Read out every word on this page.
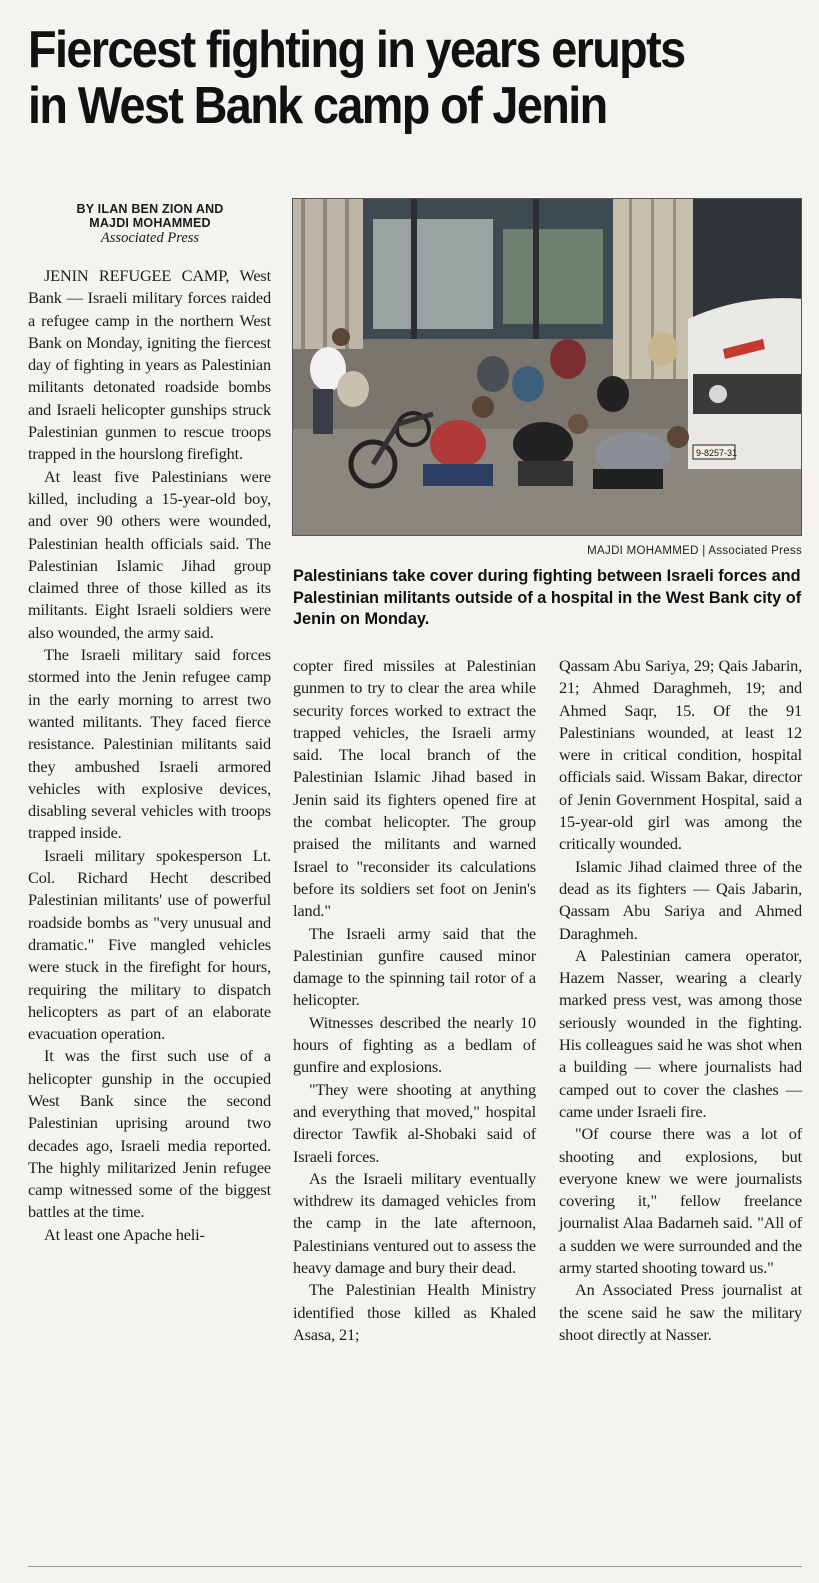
Fiercest fighting in years erupts
in West Bank camp of Jenin
BY ILAN BEN ZION AND
MAJDI MOHAMMED
Associated Press

JENIN REFUGEE CAMP, West Bank — Israeli military forces raided a refugee camp in the northern West Bank on Monday, igniting the fiercest day of fighting in years as Palestinian militants detonated roadside bombs and Israeli helicopter gunships struck Palestinian gunmen to rescue troops trapped in the hourslong firefight.

At least five Palestinians were killed, including a 15-year-old boy, and over 90 others were wounded, Palestinian health officials said. The Palestinian Islamic Jihad group claimed three of those killed as its militants. Eight Israeli soldiers were also wounded, the army said.

The Israeli military said forces stormed into the Jenin refugee camp in the early morning to arrest two wanted militants. They faced fierce resistance. Palestinian militants said they ambushed Israeli armored vehicles with explosive devices, disabling several vehicles with troops trapped inside.

Israeli military spokesperson Lt. Col. Richard Hecht described Palestinian militants' use of powerful roadside bombs as "very unusual and dramatic." Five mangled vehicles were stuck in the firefight for hours, requiring the military to dispatch helicopters as part of an elaborate evacuation operation.

It was the first such use of a helicopter gunship in the occupied West Bank since the second Palestinian uprising around two decades ago, Israeli media reported. The highly militarized Jenin refugee camp witnessed some of the biggest battles at the time.

At least one Apache heli-

9-8257-31
MAJDI MOHAMMED | Associated Press
Palestinians take cover during fighting between Israeli forces and Palestinian militants outside of a hospital in the West Bank city of Jenin on Monday.

copter fired missiles at Palestinian gunmen to try to clear the area while security forces worked to extract the trapped vehicles, the Israeli army said. The local branch of the Palestinian Islamic Jihad based in Jenin said its fighters opened fire at the combat helicopter. The group praised the militants and warned Israel to "reconsider its calculations before its soldiers set foot on Jenin's land."

The Israeli army said that the Palestinian gunfire caused minor damage to the spinning tail rotor of a helicopter.

Witnesses described the nearly 10 hours of fighting as a bedlam of gunfire and explosions.

"They were shooting at anything and everything that moved," hospital director Tawfik al-Shobaki said of Israeli forces.

As the Israeli military eventually withdrew its damaged vehicles from the camp in the late afternoon, Palestinians ventured out to assess the heavy damage and bury their dead.

The Palestinian Health Ministry identified those killed as Khaled Asasa, 21;

Qassam Abu Sariya, 29; Qais Jabarin, 21; Ahmed Daraghmeh, 19; and Ahmed Saqr, 15. Of the 91 Palestinians wounded, at least 12 were in critical condition, hospital officials said. Wissam Bakar, director of Jenin Government Hospital, said a 15-year-old girl was among the critically wounded.

Islamic Jihad claimed three of the dead as its fighters — Qais Jabarin, Qassam Abu Sariya and Ahmed Daraghmeh.

A Palestinian camera operator, Hazem Nasser, wearing a clearly marked press vest, was among those seriously wounded in the fighting. His colleagues said he was shot when a building — where journalists had camped out to cover the clashes — came under Israeli fire.

"Of course there was a lot of shooting and explosions, but everyone knew we were journalists covering it," fellow freelance journalist Alaa Badarneh said. "All of a sudden we were surrounded and the army started shooting toward us."

An Associated Press journalist at the scene said he saw the military shoot directly at Nasser.
